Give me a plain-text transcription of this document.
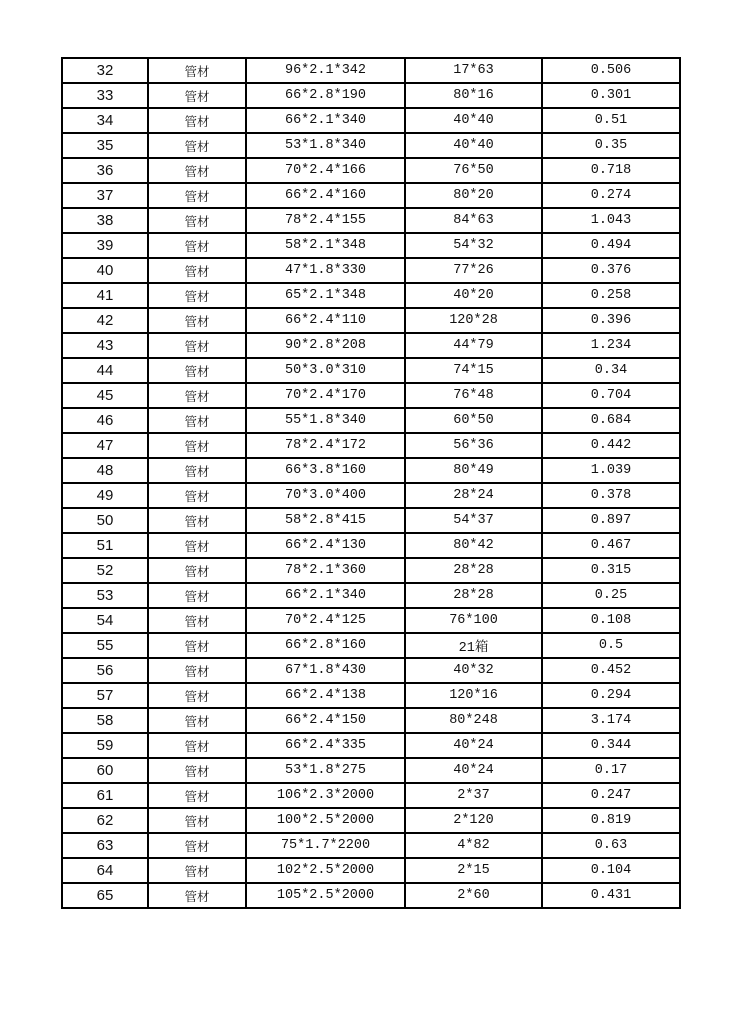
32	管材	96*2.1*342	17*63	0.506
33	管材	66*2.8*190	80*16	0.301
34	管材	66*2.1*340	40*40	0.51
35	管材	53*1.8*340	40*40	0.35
36	管材	70*2.4*166	76*50	0.718
37	管材	66*2.4*160	80*20	0.274
38	管材	78*2.4*155	84*63	1.043
39	管材	58*2.1*348	54*32	0.494
40	管材	47*1.8*330	77*26	0.376
41	管材	65*2.1*348	40*20	0.258
42	管材	66*2.4*110	120*28	0.396
43	管材	90*2.8*208	44*79	1.234
44	管材	50*3.0*310	74*15	0.34
45	管材	70*2.4*170	76*48	0.704
46	管材	55*1.8*340	60*50	0.684
47	管材	78*2.4*172	56*36	0.442
48	管材	66*3.8*160	80*49	1.039
49	管材	70*3.0*400	28*24	0.378
50	管材	58*2.8*415	54*37	0.897
51	管材	66*2.4*130	80*42	0.467
52	管材	78*2.1*360	28*28	0.315
53	管材	66*2.1*340	28*28	0.25
54	管材	70*2.4*125	76*100	0.108
55	管材	66*2.8*160	21箱	0.5
56	管材	67*1.8*430	40*32	0.452
57	管材	66*2.4*138	120*16	0.294
58	管材	66*2.4*150	80*248	3.174
59	管材	66*2.4*335	40*24	0.344
60	管材	53*1.8*275	40*24	0.17
61	管材	106*2.3*2000	2*37	0.247
62	管材	100*2.5*2000	2*120	0.819
63	管材	75*1.7*2200	4*82	0.63
64	管材	102*2.5*2000	2*15	0.104
65	管材	105*2.5*2000	2*60	0.431
